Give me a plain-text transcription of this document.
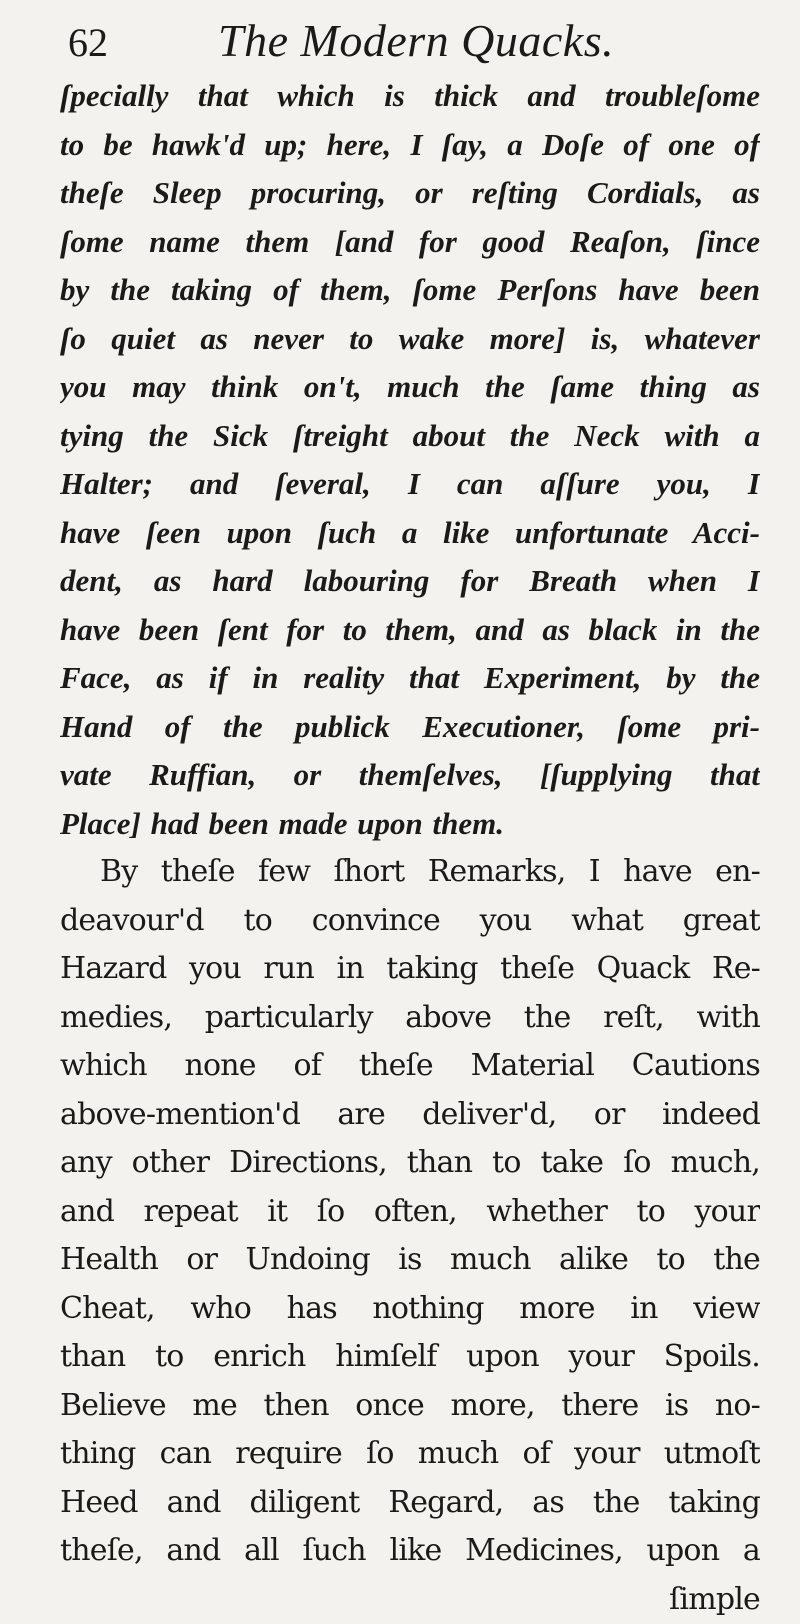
62	The Modern Quacks.
ſpecially that which is thick and troubleſome
to be hawk'd up; here, I ſay, a Doſe of one of
theſe Sleep procuring, or reſting Cordials, as
ſome name them [and for good Reaſon, ſince
by the taking of them, ſome Perſons have been
ſo quiet as never to wake more] is, whatever
you may think on't, much the ſame thing as
tying the Sick ſtreight about the Neck with a
Halter; and ſeveral, I can aſſure you, I
have ſeen upon ſuch a like unfortunate Acci-
dent, as hard labouring for Breath when I
have been ſent for to them, and as black in the
Face, as if in reality that Experiment, by the
Hand of the publick Executioner, ſome pri-
vate Ruffian, or themſelves, [ſupplying that
Place] had been made upon them.
By theſe few ſhort Remarks, I have en-
deavour'd to convince you what great
Hazard you run in taking theſe Quack Re-
medies, particularly above the reſt, with
which none of theſe Material Cautions
above-mention'd are deliver'd, or indeed
any other Directions, than to take ſo much,
and repeat it ſo often, whether to your
Health or Undoing is much alike to the
Cheat, who has nothing more in view
than to enrich himſelf upon your Spoils.
Believe me then once more, there is no-
thing can require ſo much of your utmoſt
Heed and diligent Regard, as the taking
theſe, and all ſuch like Medicines, upon a
ſimple
